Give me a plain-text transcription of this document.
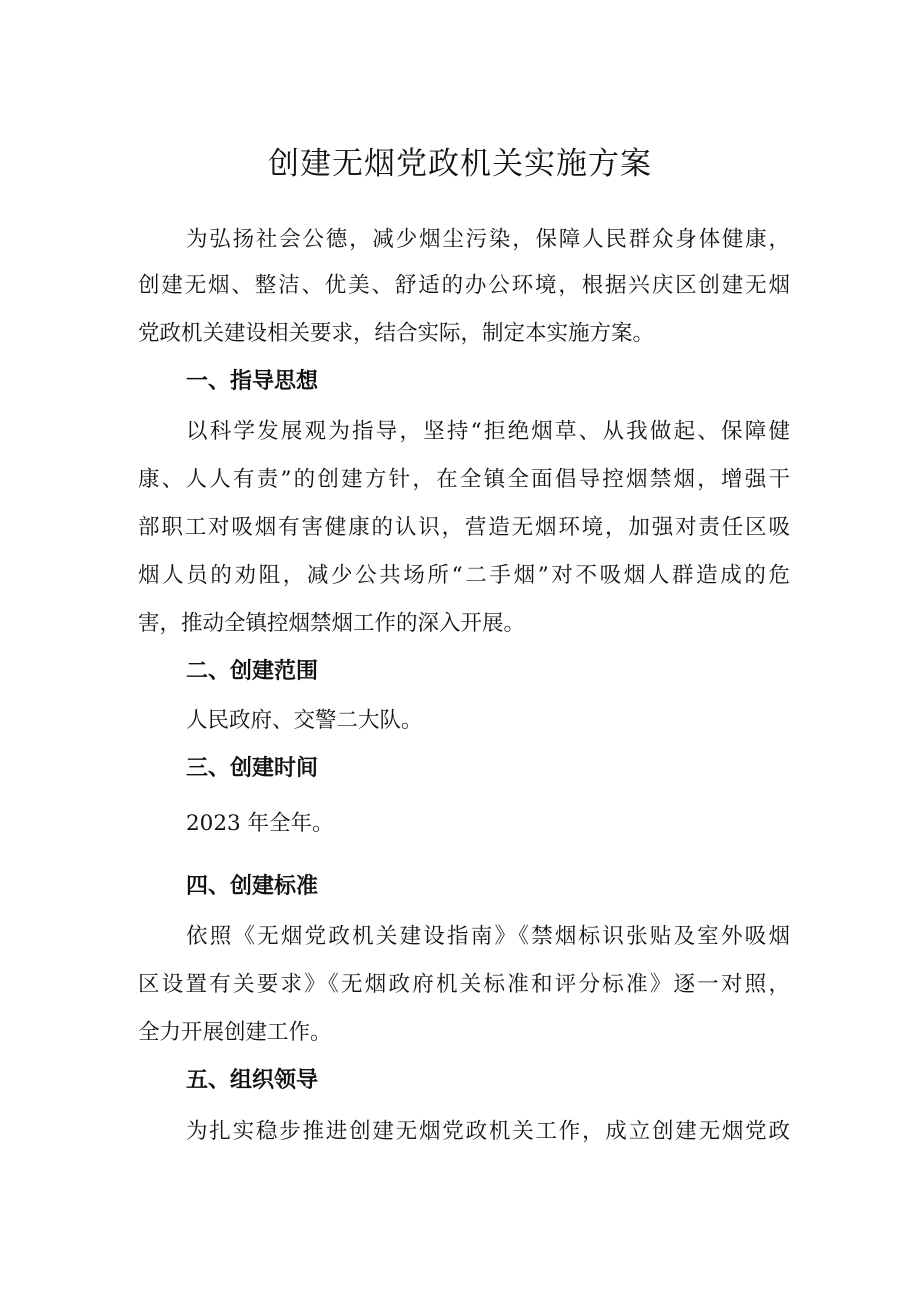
创建无烟党政机关实施方案
为弘扬社会公德，减少烟尘污染，保障人民群众身体健康，
创建无烟、整洁、优美、舒适的办公环境，根据兴庆区创建无烟
党政机关建设相关要求，结合实际，制定本实施方案。
一、指导思想
以科学发展观为指导，坚持“拒绝烟草、从我做起、保障健
康、人人有责”的创建方针，在全镇全面倡导控烟禁烟，增强干
部职工对吸烟有害健康的认识，营造无烟环境，加强对责任区吸
烟人员的劝阻，减少公共场所“二手烟”对不吸烟人群造成的危
害，推动全镇控烟禁烟工作的深入开展。
二、创建范围
人民政府、交警二大队。
三、创建时间
2023 年全年。
四、创建标准
依照《无烟党政机关建设指南》《禁烟标识张贴及室外吸烟
区设置有关要求》《无烟政府机关标准和评分标准》逐一对照，
全力开展创建工作。
五、组织领导
为扎实稳步推进创建无烟党政机关工作，成立创建无烟党政
